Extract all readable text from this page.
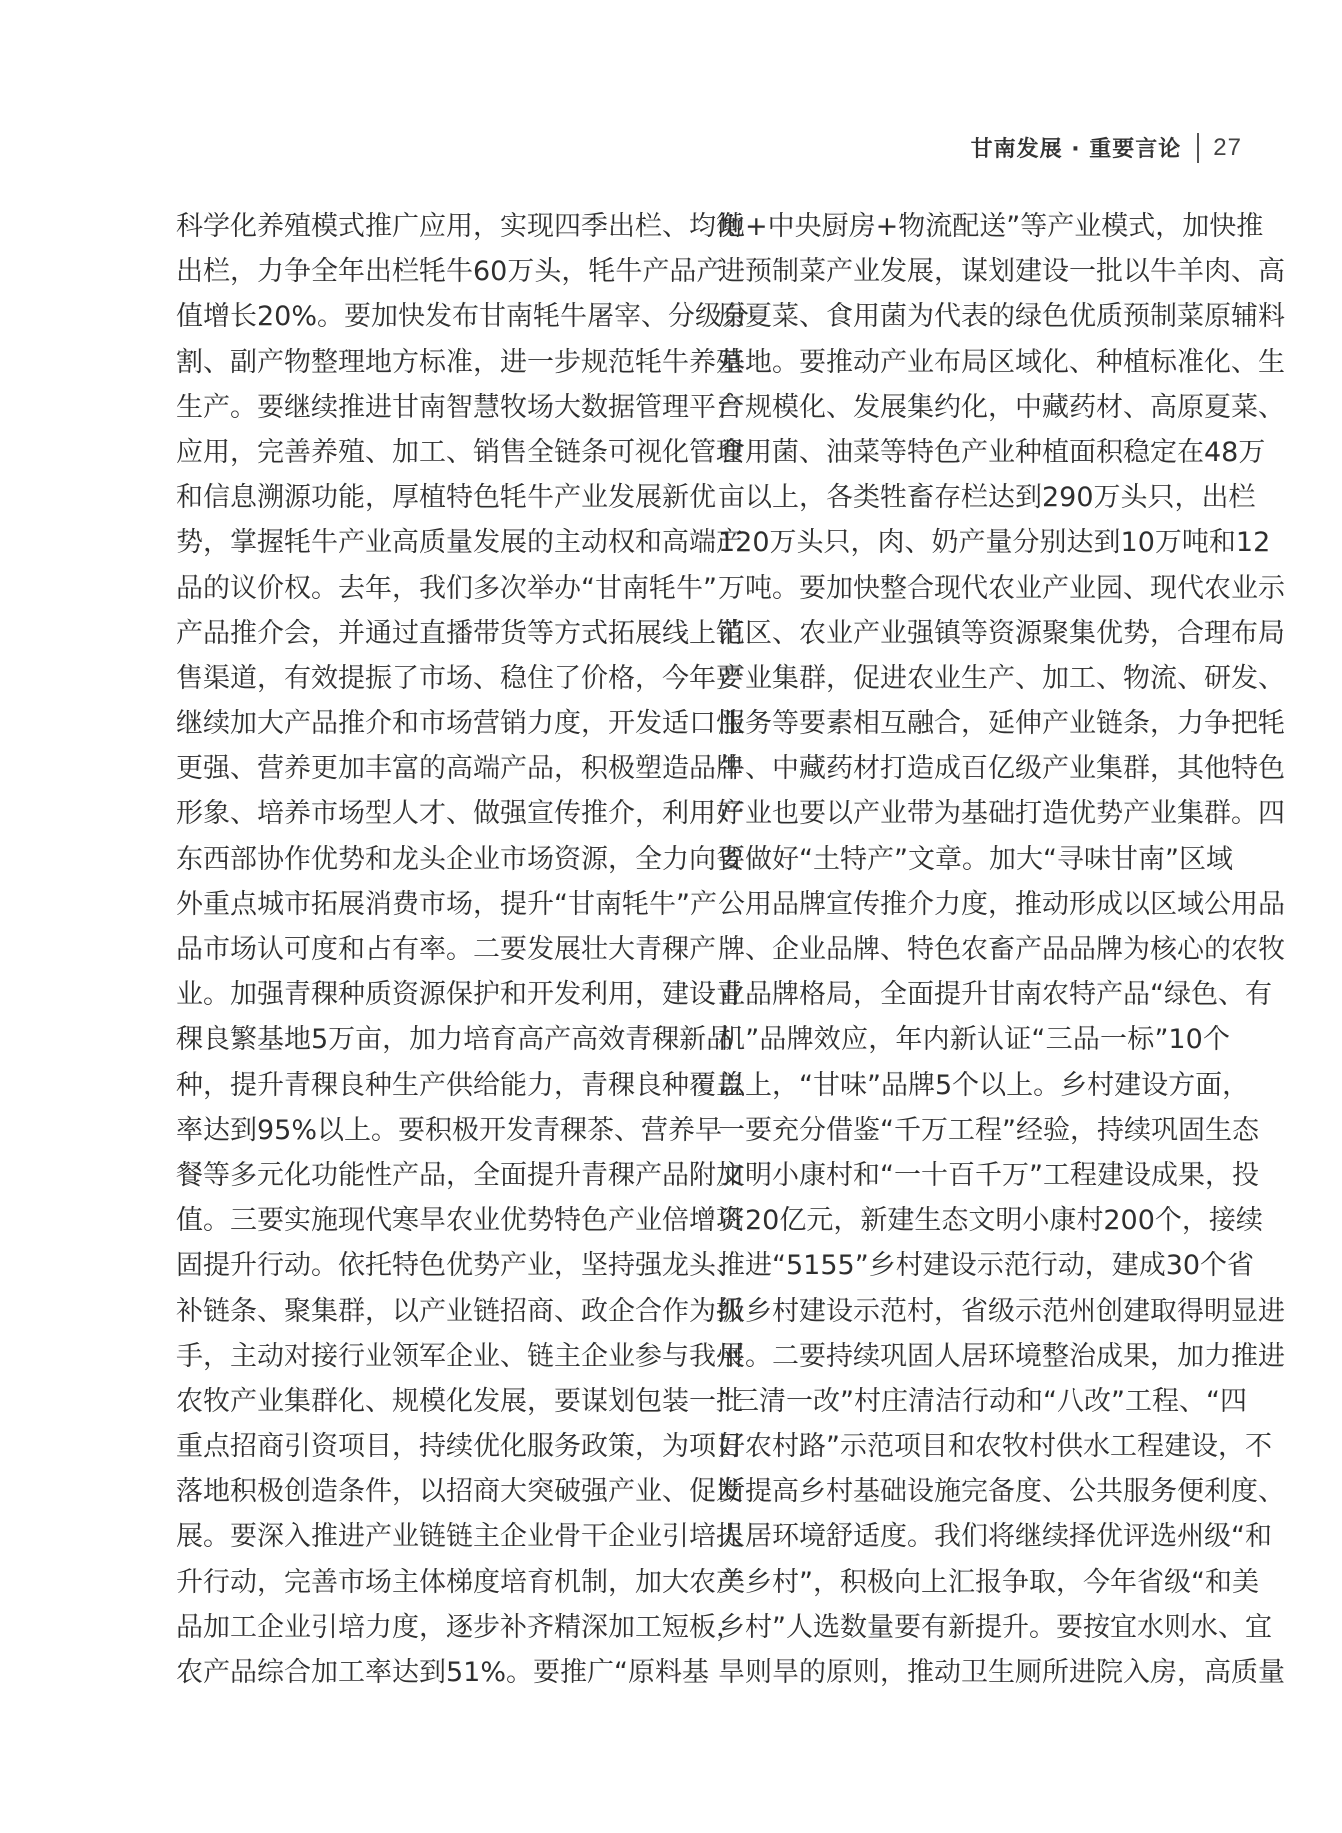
甘南发展 · 重要言论 27
科学化养殖模式推广应用，实现四季出栏、均衡
出栏，力争全年出栏牦牛60万头，牦牛产品产
值增长20%。要加快发布甘南牦牛屠宰、分级分
割、副产物整理地方标准，进一步规范牦牛养殖
生产。要继续推进甘南智慧牧场大数据管理平台
应用，完善养殖、加工、销售全链条可视化管理
和信息溯源功能，厚植特色牦牛产业发展新优
势，掌握牦牛产业高质量发展的主动权和高端产
品的议价权。去年，我们多次举办“甘南牦牛”
产品推介会，并通过直播带货等方式拓展线上销
售渠道，有效提振了市场、稳住了价格，今年要
继续加大产品推介和市场营销力度，开发适口性
更强、营养更加丰富的高端产品，积极塑造品牌
形象、培养市场型人才、做强宣传推介，利用好
东西部协作优势和龙头企业市场资源，全力向省
外重点城市拓展消费市场，提升“甘南牦牛”产
品市场认可度和占有率。二要发展壮大青稞产
业。加强青稞种质资源保护和开发利用，建设青
稞良繁基地5万亩，加力培育高产高效青稞新品
种，提升青稞良种生产供给能力，青稞良种覆盖
率达到95%以上。要积极开发青稞茶、营养早
餐等多元化功能性产品，全面提升青稞产品附加
值。三要实施现代寒旱农业优势特色产业倍增巩
固提升行动。依托特色优势产业，坚持强龙头、
补链条、聚集群，以产业链招商、政企合作为抓
手，主动对接行业领军企业、链主企业参与我州
农牧产业集群化、规模化发展，要谋划包装一批
重点招商引资项目，持续优化服务政策，为项目
落地积极创造条件，以招商大突破强产业、促发
展。要深入推进产业链链主企业骨干企业引培提
升行动，完善市场主体梯度培育机制，加大农产
品加工企业引培力度，逐步补齐精深加工短板，
农产品综合加工率达到51%。要推广“原料基
地+中央厨房+物流配送”等产业模式，加快推
进预制菜产业发展，谋划建设一批以牛羊肉、高
原夏菜、食用菌为代表的绿色优质预制菜原辅料
基地。要推动产业布局区域化、种植标准化、生
产规模化、发展集约化，中藏药材、高原夏菜、
食用菌、油菜等特色产业种植面积稳定在48万
亩以上，各类牲畜存栏达到290万头只，出栏
120万头只，肉、奶产量分别达到10万吨和12
万吨。要加快整合现代农业产业园、现代农业示
范区、农业产业强镇等资源聚集优势，合理布局
产业集群，促进农业生产、加工、物流、研发、
服务等要素相互融合，延伸产业链条，力争把牦
牛、中藏药材打造成百亿级产业集群，其他特色
产业也要以产业带为基础打造优势产业集群。四
要做好“土特产”文章。加大“寻味甘南”区域
公用品牌宣传推介力度，推动形成以区域公用品
牌、企业品牌、特色农畜产品品牌为核心的农牧
业品牌格局，全面提升甘南农特产品“绿色、有
机”品牌效应，年内新认证“三品一标”10个
以上，“甘味”品牌5个以上。乡村建设方面，
一要充分借鉴“千万工程”经验，持续巩固生态
文明小康村和“一十百千万”工程建设成果，投
资20亿元，新建生态文明小康村200个，接续
推进“5155”乡村建设示范行动，建成30个省
级乡村建设示范村，省级示范州创建取得明显进
展。二要持续巩固人居环境整治成果，加力推进
“三清一改”村庄清洁行动和“八改”工程、“四
好农村路”示范项目和农牧村供水工程建设，不
断提高乡村基础设施完备度、公共服务便利度、
人居环境舒适度。我们将继续择优评选州级“和
美乡村”，积极向上汇报争取，今年省级“和美
乡村”人选数量要有新提升。要按宜水则水、宜
旱则旱的原则，推动卫生厕所进院入房，高质量
